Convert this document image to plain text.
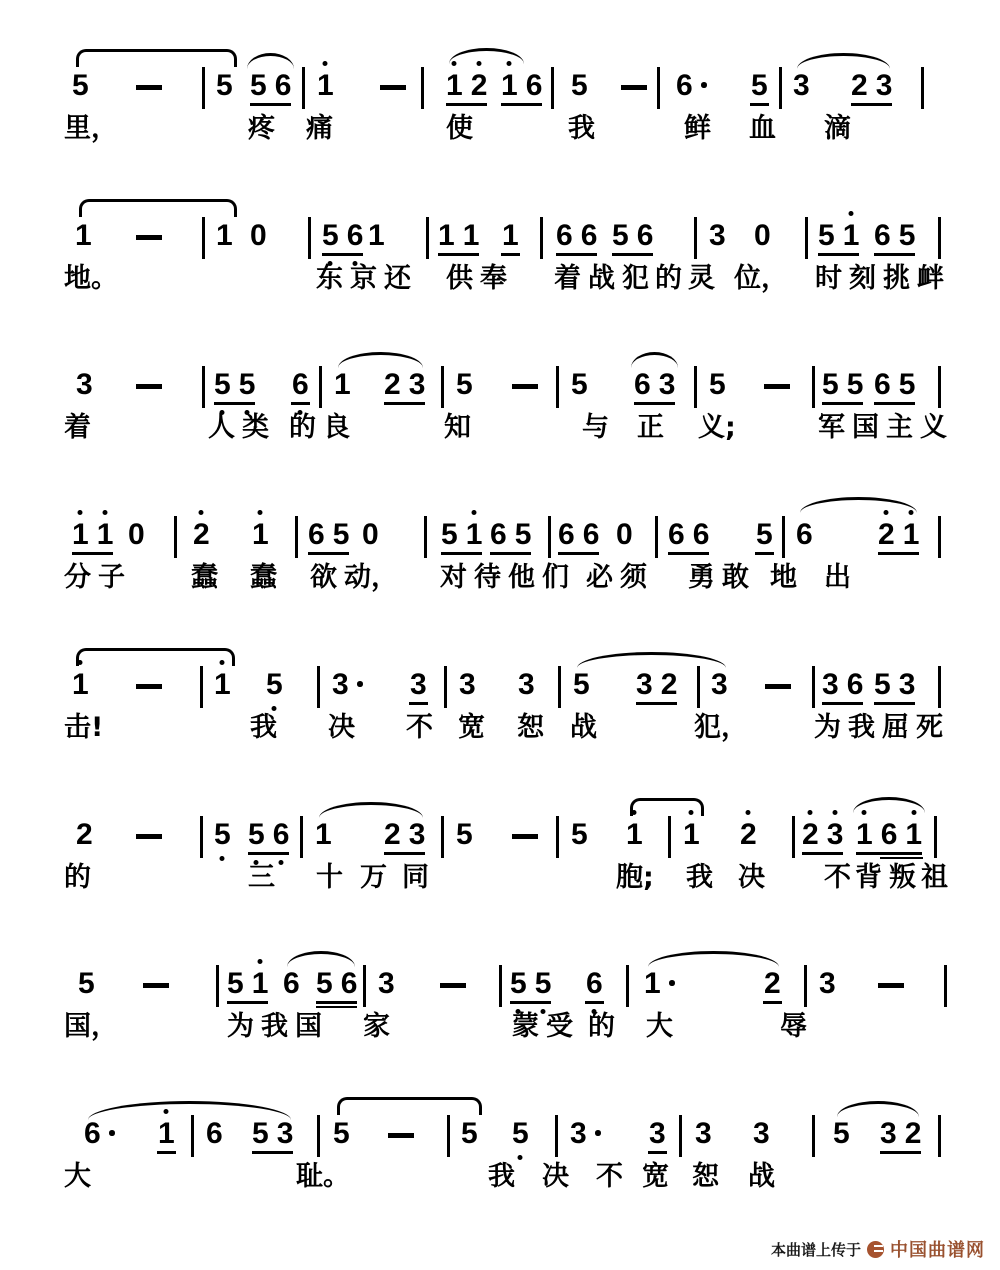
5	5 5 6 1	1 2 1 6 5	6 5 3 2 3
里，	疼 痛	使	我	鲜 血 滴
1	1 0 5 6 1 1 1 1 6 6 5 6 3 0 5 1 6 5
地。	东 京 还 供 奉 着 战 犯 的 灵 位， 时 刻 挑 衅
3	5 5 6 1 2 3 5	5 6 3 5	5 5 6 5
着	人 类 的 良	知	与 正 义;	军 国 主 义
1 1 0 2 1 6 5 0 5 1 6 5 6 6 0 6 6 5 6 2 1
分 子 蠢 蠢 欲 动， 对 待 他 们 必 须 勇 敢 地 出
1	1 5 3 3 3 3 5 3 2 3	3 6 5 3
击!	我 决 不 宽 恕 战	犯， 为 我 屈 死
2	5 5 6 1 2 3 5	5 1 1 2 2 3 1 6 1
的	三 十 万 同	胞; 我 决 不 背 叛 祖
5	5 1 6 5 6 3	5 5 6 1	2 3
国，	为 我 国 家	蒙 受 的 大	辱
6 1 6 5 3 5	5 5 3 3 3 3 5 3 2
大	耻。	我 决 不 宽 恕 战
本曲谱上传于 中国曲谱网
